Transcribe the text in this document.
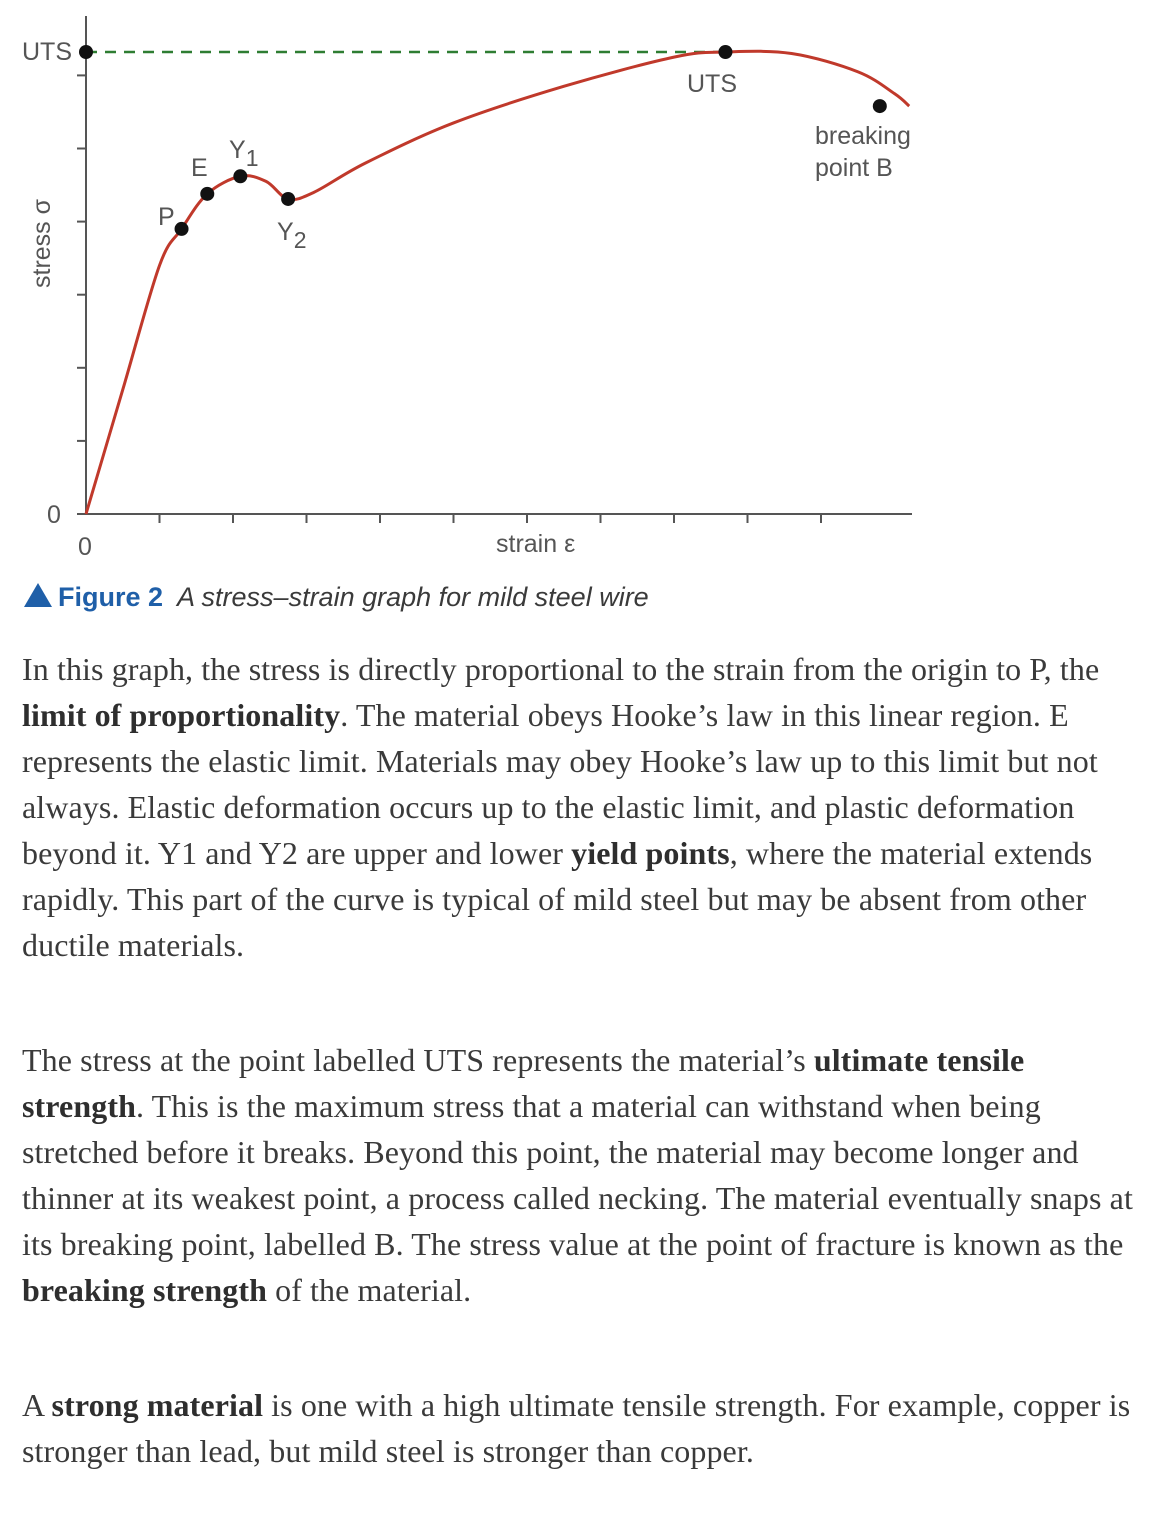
UTS
0
0	strain ε
stress σ	P
E
Y1
Y2
UTS
breaking
point B
Figure 2 A stress–strain graph for mild steel wire

In this graph, the stress is directly proportional to the strain from the origin to P, the limit of proportionality. The material obeys Hooke’s law in this linear region. E represents the elastic limit. Materials may obey Hooke’s law up to this limit but not always. Elastic deformation occurs up to the elastic limit, and plastic deformation beyond it. Y1 and Y2 are upper and lower yield points, where the material extends rapidly. This part of the curve is typical of mild steel but may be absent from other ductile materials.

The stress at the point labelled UTS represents the material’s ultimate tensile strength. This is the maximum stress that a material can withstand when being stretched before it breaks. Beyond this point, the material may become longer and thinner at its weakest point, a process called necking. The material eventually snaps at its breaking point, labelled B. The stress value at the point of fracture is known as the breaking strength of the material.

A strong material is one with a high ultimate tensile strength. For example, copper is stronger than lead, but mild steel is stronger than copper.
